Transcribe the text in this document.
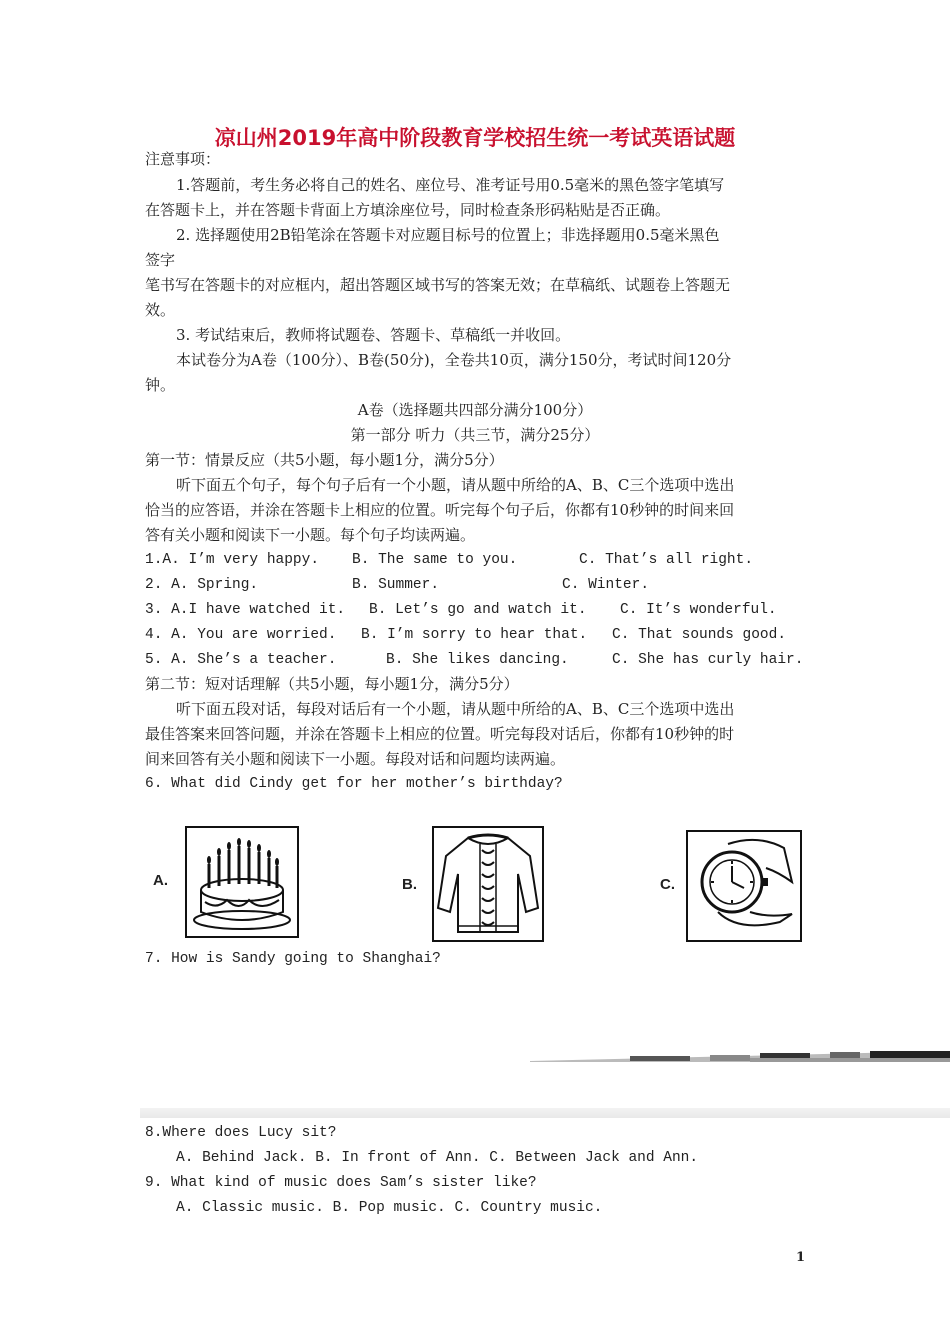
凉山州2019年高中阶段教育学校招生统一考试英语试题
注意事项：
1.答题前，考生务必将自己的姓名、座位号、准考证号用0.5毫米的黑色签字笔填写
在答题卡上，并在答题卡背面上方填涂座位号，同时检查条形码粘贴是否正确。
2. 选择题使用2B铅笔涂在答题卡对应题目标号的位置上；非选择题用0.5毫米黑色
签字
笔书写在答题卡的对应框内，超出答题区域书写的答案无效；在草稿纸、试题卷上答题无
效。
3. 考试结束后，教师将试题卷、答题卡、草稿纸一并收回。
本试卷分为A卷（100分）、B卷(50分)，全卷共10页，满分150分，考试时间120分
钟。
A卷（选择题共四部分满分100分）
第一部分 听力（共三节，满分25分）
第一节：情景反应（共5小题，每小题1分，满分5分）
听下面五个句子，每个句子后有一个小题，请从题中所给的A、B、C三个选项中选出
恰当的应答语，并涂在答题卡上相应的位置。听完每个句子后，你都有10秒钟的时间来回
答有关小题和阅读下一小题。每个句子均读两遍。
1.A. I’m very happy. B. The same to you.	C. That’s all right.
2. A. Spring.	B. Summer.	C. Winter.
3. A.I have watched it. B. Let’s go and watch it. C. It’s wonderful.
4. A. You are worried. B. I’m sorry to hear that. C. That sounds good.
5. A. She’s a teacher.	B. She likes dancing.	C. She has curly hair.
第二节：短对话理解（共5小题，每小题1分，满分5分）
听下面五段对话，每段对话后有一个小题，请从题中所给的A、B、C三个选项中选出
最佳答案来回答问题，并涂在答题卡上相应的位置。听完每段对话后，你都有10秒钟的时
间来回答有关小题和阅读下一小题。每段对话和问题均读两遍。
6. What did Cindy get for her mother’s birthday?
A.	B.	C.
7. How is Sandy going to Shanghai?
8.Where does Lucy sit?
A. Behind Jack. B. In front of Ann. C. Between Jack and Ann.
9. What kind of music does Sam’s sister like?
A. Classic music. B. Pop music. C. Country music.
1
